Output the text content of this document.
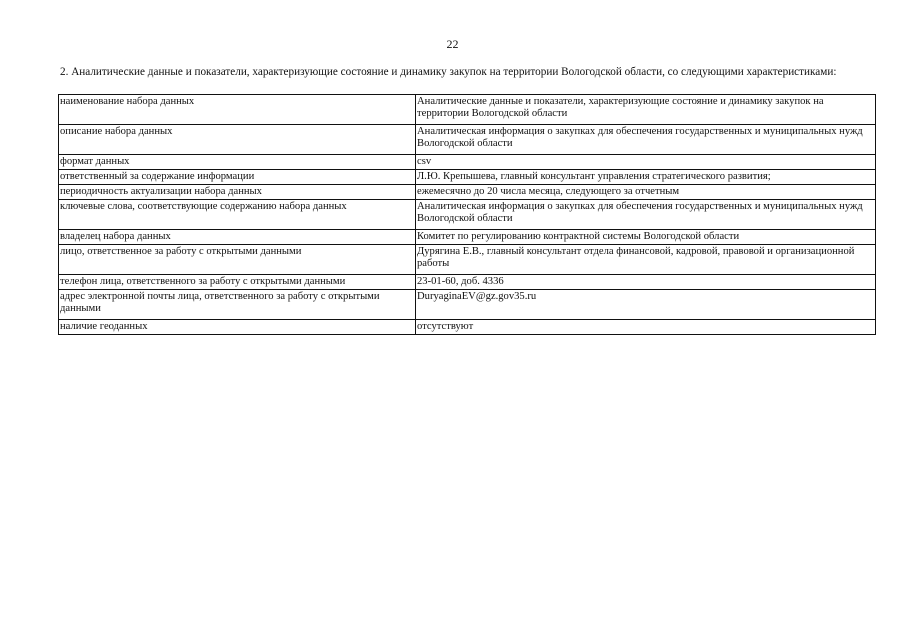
22
2. Аналитические данные и показатели, характеризующие состояние и динамику закупок на территории Вологодской области, со следующими характеристиками:
наименование набора данных	Аналитические данные и показатели, характеризующие состояние и динамику закупок на территории Вологодской области

описание набора данных	Аналитическая информация о закупках для обеспечения государственных и муниципальных нужд Вологодской области

формат данных	csv

ответственный за содержание информации	Л.Ю. Крепышева, главный консультант управления стратегического развития;

периодичность актуализации набора данных	ежемесячно до 20 числа месяца, следующего за отчетным

ключевые слова, соответствующие содержанию набора данных	Аналитическая информация о закупках для обеспечения государственных и муниципальных нужд Вологодской области

владелец набора данных	Комитет по регулированию контрактной системы Вологодской области

лицо, ответственное за работу с открытыми данными	Дурягина Е.В., главный консультант отдела финансовой, кадровой, правовой и организационной работы

телефон лица, ответственного за работу с открытыми данными	23-01-60, доб. 4336

адрес электронной почты лица, ответственного за работу с открытыми данными	DuryaginaEV@gz.gov35.ru

наличие геоданных	отсутствуют
